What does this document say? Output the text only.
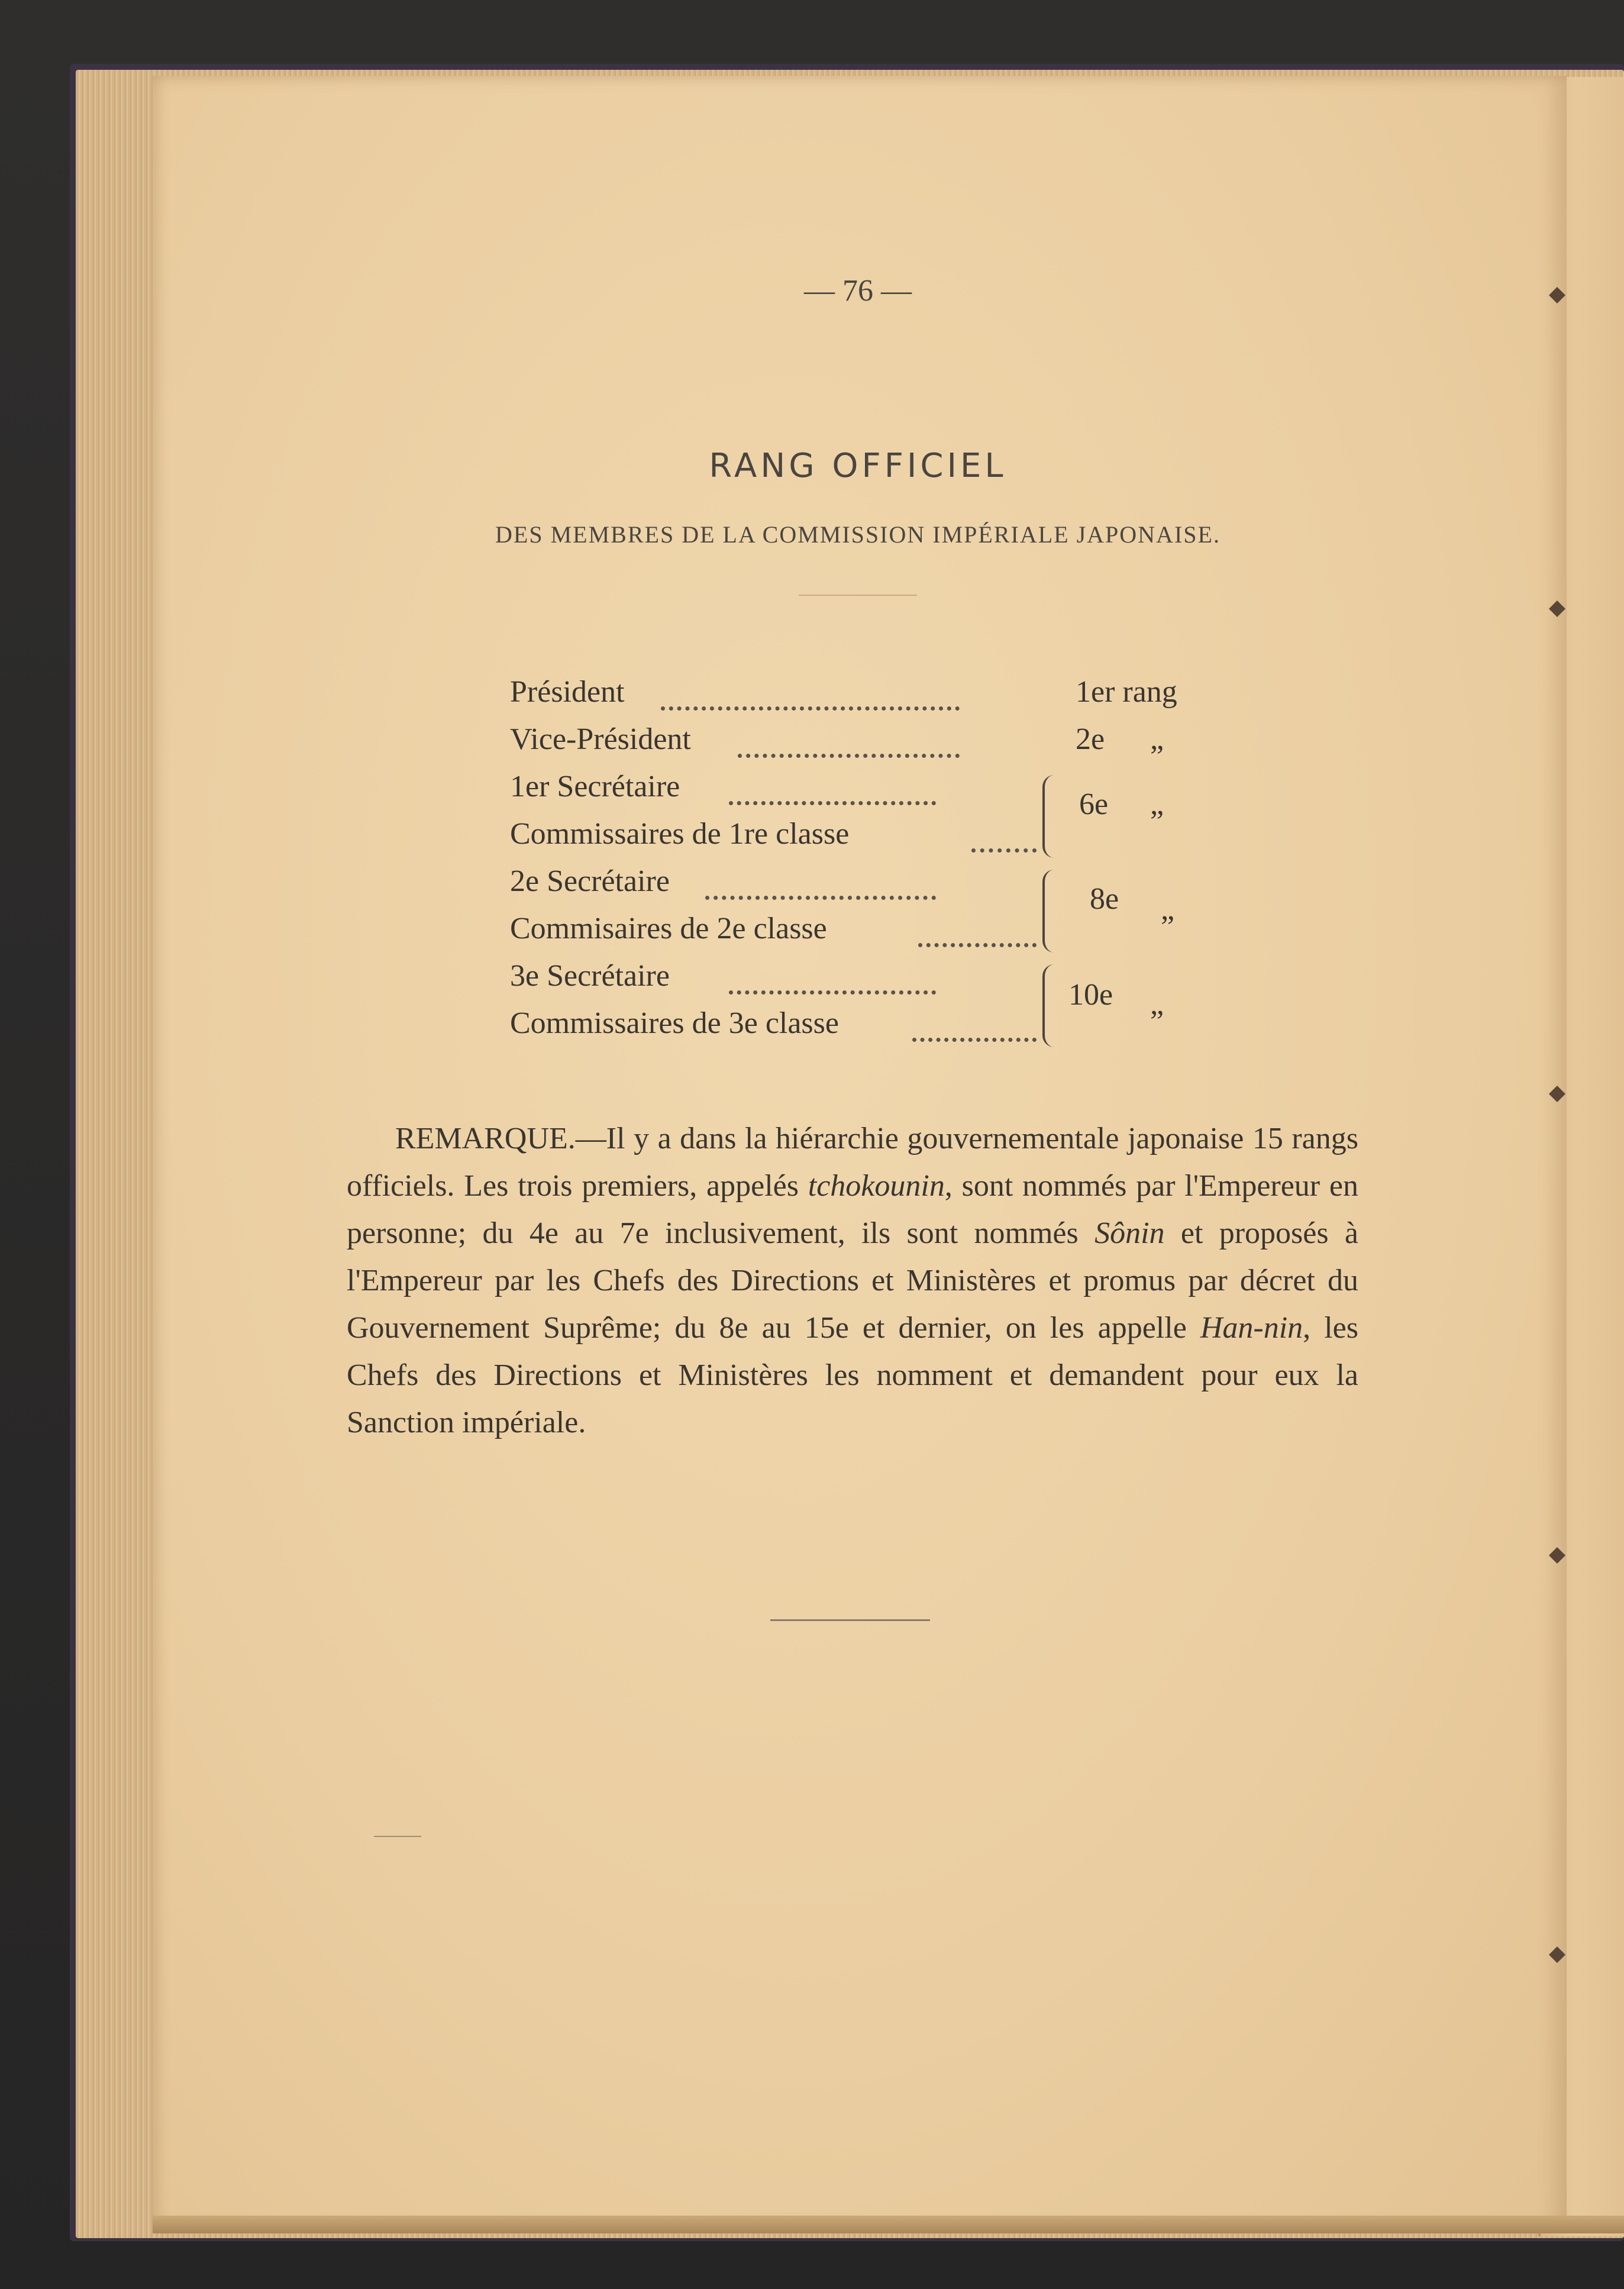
— 76 —
RANG OFFICIEL
DES MEMBRES DE LA COMMISSION IMPÉRIALE JAPONAISE.
Président	1er rang
Vice-Président	2e „
1er Secrétaire
Commissaires de 1re classe
6e „
2e Secrétaire
Commisaires de 2e classe
8e „
3e Secrétaire
Commissaires de 3e classe
10e „
REMARQUE.—Il y a dans la hiérarchie gouvernementale japonaise 15 rangs officiels. Les trois premiers, appelés tchokounin, sont nommés par l'Empereur en personne; du 4e au 7e inclusivement, ils sont nommés Sônin et proposés à l'Empereur par les Chefs des Directions et Ministères et promus par décret du Gouvernement Suprême; du 8e au 15e et dernier, on les appelle Han-nin, les Chefs des Directions et Ministères les nomment et demandent pour eux la Sanction impériale.
